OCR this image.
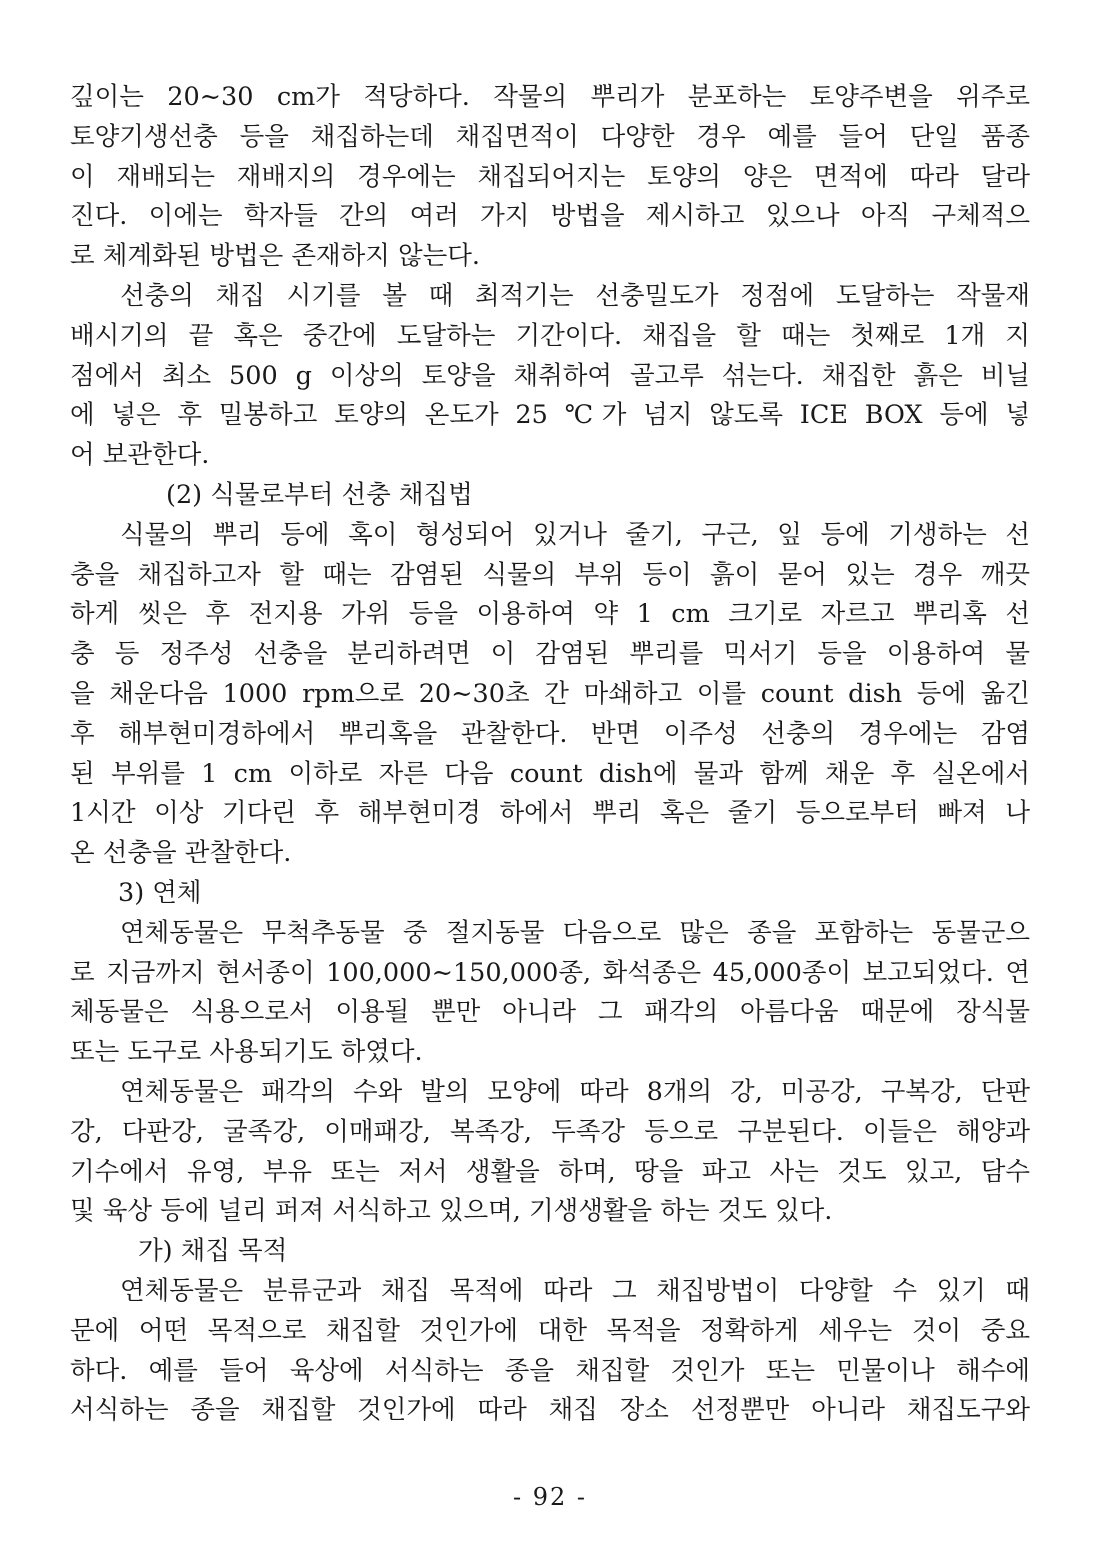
깊이는 20∼30 cm가 적당하다. 작물의 뿌리가 분포하는 토양주변을 위주로

토양기생선충 등을 채집하는데 채집면적이 다양한 경우 예를 들어 단일 품종

이 재배되는 재배지의 경우에는 채집되어지는 토양의 양은 면적에 따라 달라

진다. 이에는 학자들 간의 여러 가지 방법을 제시하고 있으나 아직 구체적으

로 체계화된 방법은 존재하지 않는다.

선충의 채집 시기를 볼 때 최적기는 선충밀도가 정점에 도달하는 작물재

배시기의 끝 혹은 중간에 도달하는 기간이다. 채집을 할 때는 첫째로 1개 지

점에서 최소 500 g 이상의 토양을 채취하여 골고루 섞는다. 채집한 흙은 비닐

에 넣은 후 밀봉하고 토양의 온도가 25 ℃가 넘지 않도록 ICE BOX 등에 넣

어 보관한다.

(2) 식물로부터 선충 채집법

식물의 뿌리 등에 혹이 형성되어 있거나 줄기, 구근, 잎 등에 기생하는 선

충을 채집하고자 할 때는 감염된 식물의 부위 등이 흙이 묻어 있는 경우 깨끗

하게 씻은 후 전지용 가위 등을 이용하여 약 1 cm 크기로 자르고 뿌리혹 선

충 등 정주성 선충을 분리하려면 이 감염된 뿌리를 믹서기 등을 이용하여 물

을 채운다음 1000 rpm으로 20∼30초 간 마쇄하고 이를 count dish 등에 옮긴

후 해부현미경하에서 뿌리혹을 관찰한다. 반면 이주성 선충의 경우에는 감염

된 부위를 1 cm 이하로 자른 다음 count dish에 물과 함께 채운 후 실온에서

1시간 이상 기다린 후 해부현미경 하에서 뿌리 혹은 줄기 등으로부터 빠져 나

온 선충을 관찰한다.

3) 연체

연체동물은 무척추동물 중 절지동물 다음으로 많은 종을 포함하는 동물군으

로 지금까지 현서종이 100,000∼150,000종, 화석종은 45,000종이 보고되었다. 연

체동물은 식용으로서 이용될 뿐만 아니라 그 패각의 아름다움 때문에 장식물

또는 도구로 사용되기도 하였다.

연체동물은 패각의 수와 발의 모양에 따라 8개의 강, 미공강, 구복강, 단판

강, 다판강, 굴족강, 이매패강, 복족강, 두족강 등으로 구분된다. 이들은 해양과

기수에서 유영, 부유 또는 저서 생활을 하며, 땅을 파고 사는 것도 있고, 담수

및 육상 등에 널리 퍼져 서식하고 있으며, 기생생활을 하는 것도 있다.

가) 채집 목적

연체동물은 분류군과 채집 목적에 따라 그 채집방법이 다양할 수 있기 때

문에 어떤 목적으로 채집할 것인가에 대한 목적을 정확하게 세우는 것이 중요

하다. 예를 들어 육상에 서식하는 종을 채집할 것인가 또는 민물이나 해수에

서식하는 종을 채집할 것인가에 따라 채집 장소 선정뿐만 아니라 채집도구와

- 92 -
